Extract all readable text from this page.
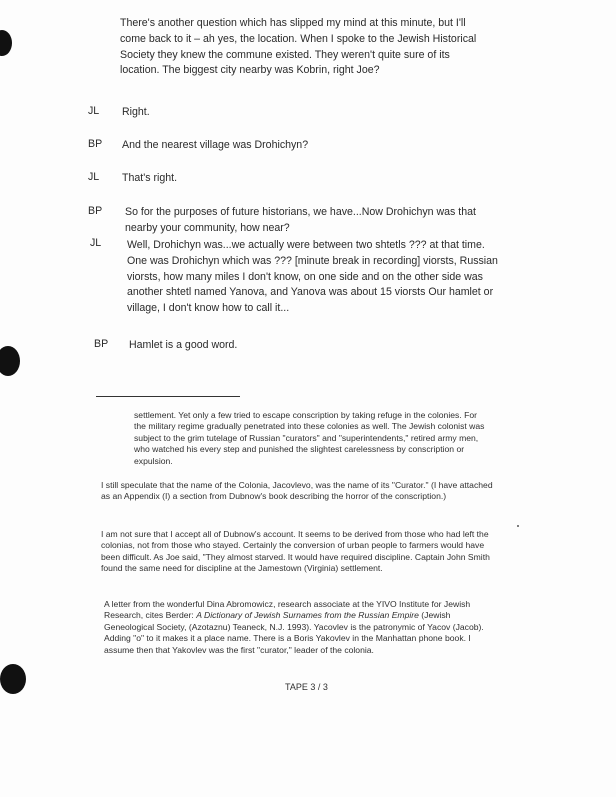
There's another question which has slipped my mind at this minute, but I'll come back to it – ah yes, the location. When I spoke to the Jewish Historical Society they knew the commune existed. They weren't quite sure of its location. The biggest city nearby was Kobrin, right Joe?
JL Right.
BP And the nearest village was Drohichyn?
JL That's right.
BP So for the purposes of future historians, we have...Now Drohichyn was that nearby your community, how near?
JL Well, Drohichyn was...we actually were between two shtetls ??? at that time. One was Drohichyn which was ??? [minute break in recording] viorsts, Russian viorsts, how many miles I don't know, on one side and on the other side was another shtetl named Yanova, and Yanova was about 15 viorsts Our hamlet or village, I don't know how to call it...
BP Hamlet is a good word.
settlement. Yet only a few tried to escape conscription by taking refuge in the colonies. For the military regime gradually penetrated into these colonies as well. The Jewish colonist was subject to the grim tutelage of Russian "curators" and "superintendents," retired army men, who watched his every step and punished the slightest carelessness by conscription or expulsion.
I still speculate that the name of the Colonia, Jacovlevo, was the name of its "Curator." (I have attached as an Appendix (I) a section from Dubnow's book describing the horror of the conscription.)
I am not sure that I accept all of Dubnow's account. It seems to be derived from those who had left the colonias, not from those who stayed. Certainly the conversion of urban people to farmers would have been difficult. As Joe said, "They almost starved. It would have required discipline. Captain John Smith found the same need for discipline at the Jamestown (Virginia) settlement.
A letter from the wonderful Dina Abromowicz, research associate at the YIVO Institute for Jewish Research, cites Berder: A Dictionary of Jewish Surnames from the Russian Empire (Jewish Geneological Society, (Azotaznu) Teaneck, N.J. 1993). Yacovlev is the patronymic of Yacov (Jacob). Adding "o" to it makes it a place name. There is a Boris Yakovlev in the Manhattan phone book. I assume then that Yakovlev was the first "curator," leader of the colonia.
TAPE 3 / 3
